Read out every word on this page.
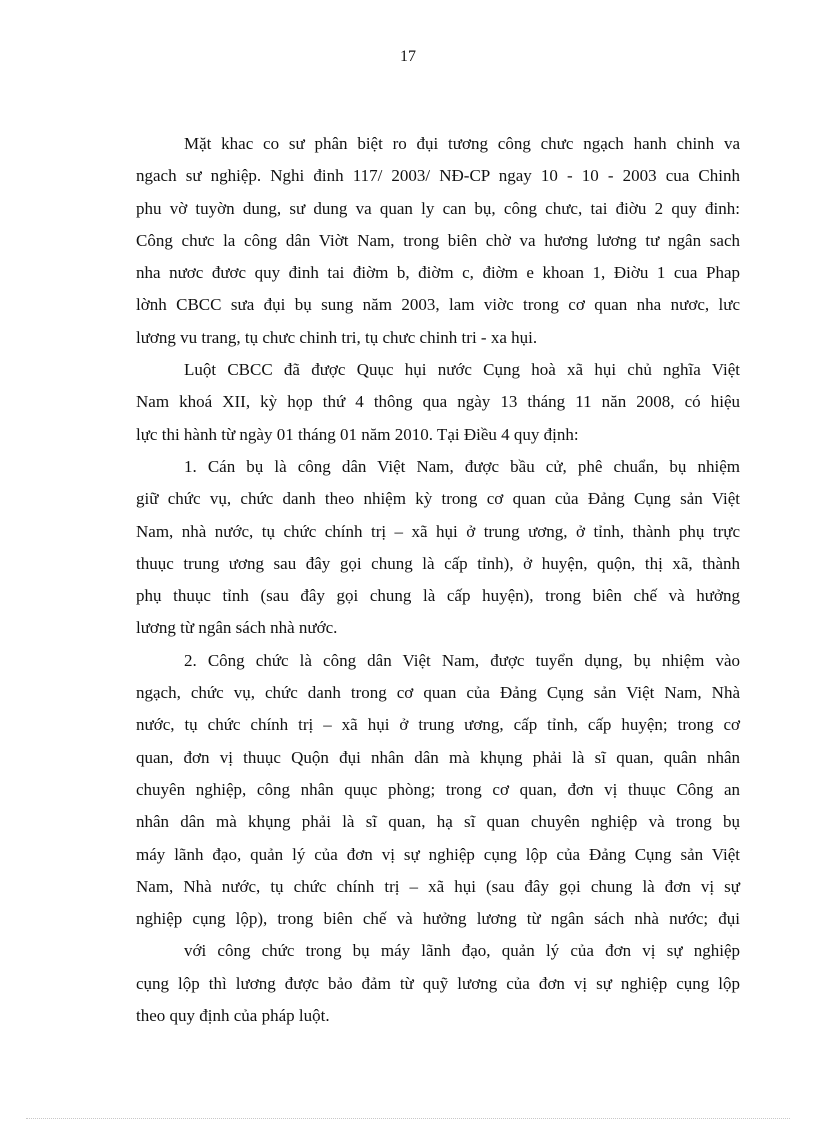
17
Mặt khac co sư phân biệt ro đụi tương công chưc ngạch hanh chinh va
ngach sư nghiệp. Nghi đinh 117/ 2003/ NĐ-CP ngay 10 - 10 - 2003 cua Chinh
phu vờ tuyờn dung, sư dung va quan ly can bụ, công chưc, tai điờu 2 quy đinh:
Công chưc la công dân Viờt Nam, trong biên chờ va hương lương tư ngân sach
nha nươc đươc quy đinh tai điờm b, điờm c, điờm e khoan 1, Điờu 1 cua Phap
lờnh CBCC sưa đụi bụ sung năm 2003, lam viờc trong cơ quan nha nươc, lưc
lương vu trang, tụ chưc chinh tri, tụ chưc chinh tri - xa hụi.
Luột CBCC đã được Quục hụi nước Cụng hoà xã hụi chủ nghĩa Việt
Nam khoá XII, kỳ họp thứ 4 thông qua ngày 13 tháng 11 năn 2008, có hiệu
lực thi hành từ ngày 01 tháng 01 năm 2010. Tại Điều 4 quy định:
1. Cán bụ là công dân Việt Nam, được bầu cử, phê chuẩn, bụ nhiệm
giữ chức vụ, chức danh theo nhiệm kỳ trong cơ quan của Đảng Cụng sản Việt
Nam, nhà nước, tụ chức chính trị – xã hụi ở trung ương, ở tỉnh, thành phụ trực
thuục trung ương sau đây gọi chung là cấp tỉnh), ở huyện, quộn, thị xã, thành
phụ thuục tỉnh (sau đây gọi chung là cấp huyện), trong biên chế và hưởng
lương từ ngân sách nhà nước.
2. Công chức là công dân Việt Nam, được tuyển dụng, bụ nhiệm vào
ngạch, chức vụ, chức danh trong cơ quan của Đảng Cụng sản Việt Nam, Nhà
nước, tụ chức chính trị – xã hụi ở trung ương, cấp tỉnh, cấp huyện; trong cơ
quan, đơn vị thuục Quộn đụi nhân dân mà khụng phải là sĩ quan, quân nhân
chuyên nghiệp, công nhân quục phòng; trong cơ quan, đơn vị thuục Công an
nhân dân mà khụng phải là sĩ quan, hạ sĩ quan chuyên nghiệp và trong bụ
máy lãnh đạo, quản lý của đơn vị sự nghiệp cụng lộp của Đảng Cụng sản Việt
Nam, Nhà nước, tụ chức chính trị – xã hụi (sau đây gọi chung là đơn vị sự
nghiệp cụng lộp), trong biên chế và hưởng lương từ ngân sách nhà nước; đụi
với công chức trong bụ máy lãnh đạo, quản lý của đơn vị sự nghiệp
cụng lộp thì lương được bảo đảm từ quỹ lương của đơn vị sự nghiệp cụng lộp
theo quy định của pháp luột.
